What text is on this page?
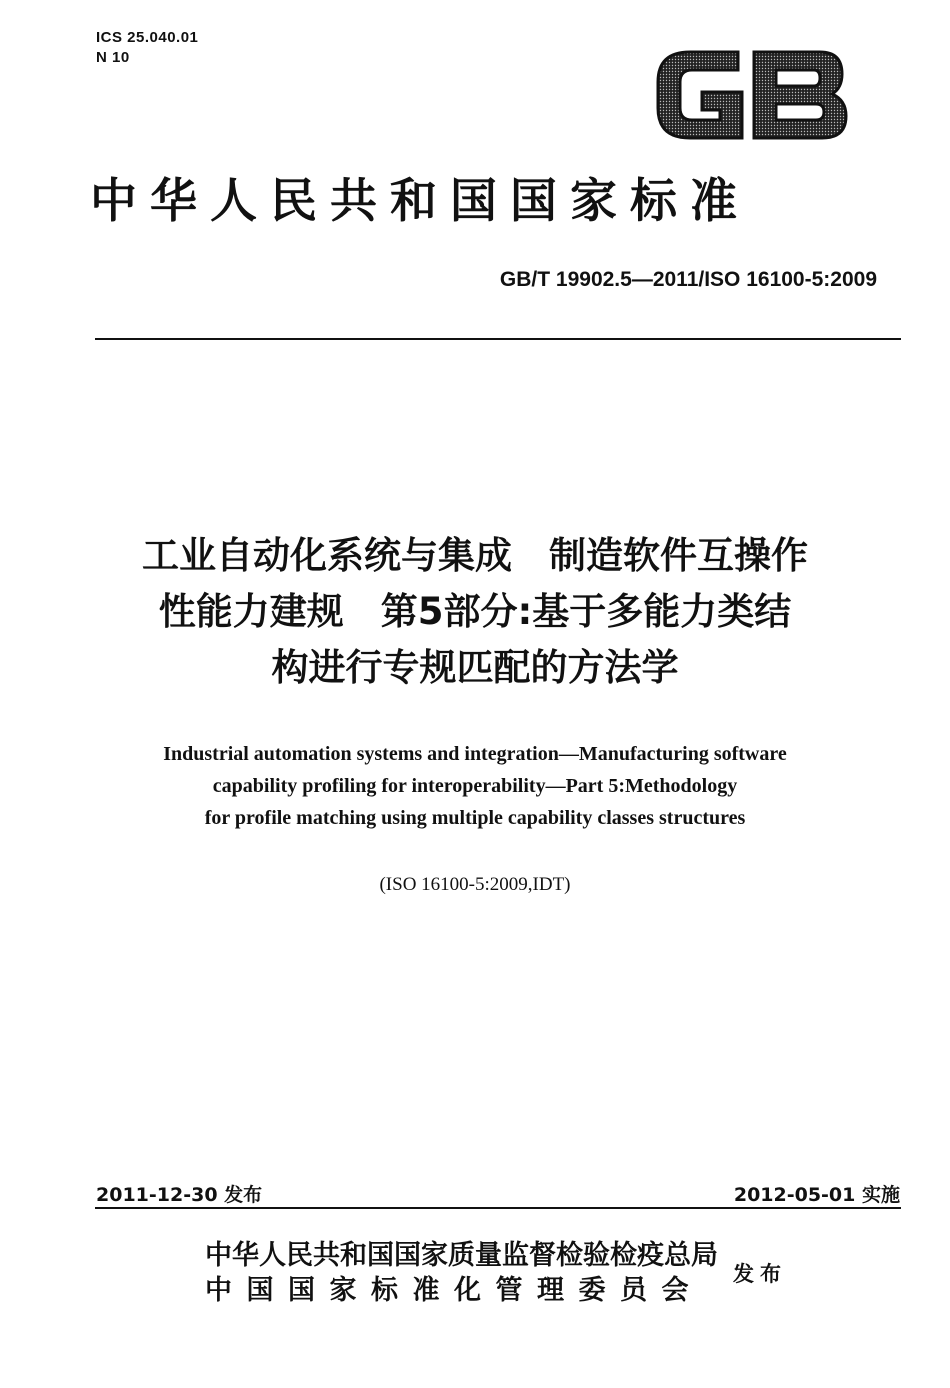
ICS 25.040.01
N 10
中华人民共和国国家标准
GB/T 19902.5—2011/ISO 16100-5:2009
工业自动化系统与集成　制造软件互操作
性能力建规　第5部分:基于多能力类结
构进行专规匹配的方法学
Industrial automation systems and integration—Manufacturing software
capability profiling for interoperability—Part 5:Methodology
for profile matching using multiple capability classes structures
(ISO 16100-5:2009,IDT)
2011-12-30 发布	2012-05-01 实施
中华人民共和国国家质量监督检验检疫总局
中国国家标准化管理委员会
发布
